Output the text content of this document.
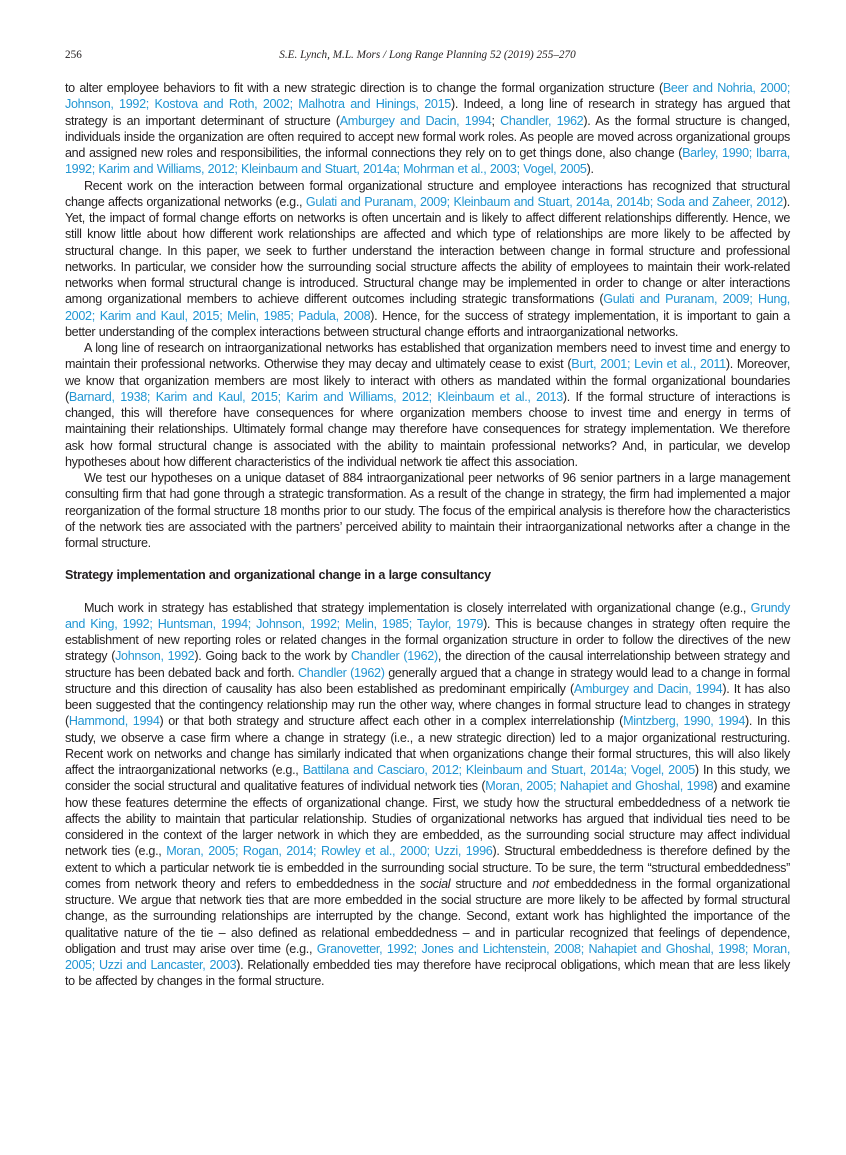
256	S.E. Lynch, M.L. Mors / Long Range Planning 52 (2019) 255–270

to alter employee behaviors to fit with a new strategic direction is to change the formal organization structure (Beer and Nohria, 2000; Johnson, 1992; Kostova and Roth, 2002; Malhotra and Hinings, 2015). Indeed, a long line of research in strategy has argued that strategy is an important determinant of structure (Amburgey and Dacin, 1994; Chandler, 1962). As the formal structure is changed, individuals inside the organization are often required to accept new formal work roles. As people are moved across organizational groups and assigned new roles and responsibilities, the informal connections they rely on to get things done, also change (Barley, 1990; Ibarra, 1992; Karim and Williams, 2012; Kleinbaum and Stuart, 2014a; Mohrman et al., 2003; Vogel, 2005).

Recent work on the interaction between formal organizational structure and employee interactions has recognized that structural change affects organizational networks (e.g., Gulati and Puranam, 2009; Kleinbaum and Stuart, 2014a, 2014b; Soda and Zaheer, 2012). Yet, the impact of formal change efforts on networks is often uncertain and is likely to affect different relationships differently. Hence, we still know little about how different work relationships are affected and which type of relationships are more likely to be affected by structural change. In this paper, we seek to further understand the interaction between change in formal structure and professional networks. In particular, we consider how the surrounding social structure affects the ability of employees to maintain their work-related networks when formal structural change is introduced. Structural change may be implemented in order to change or alter interactions among organizational members to achieve different outcomes including strategic transformations (Gulati and Puranam, 2009; Hung, 2002; Karim and Kaul, 2015; Melin, 1985; Padula, 2008). Hence, for the success of strategy implementation, it is important to gain a better understanding of the complex interactions between structural change efforts and intraorganizational networks.

A long line of research on intraorganizational networks has established that organization members need to invest time and energy to maintain their professional networks. Otherwise they may decay and ultimately cease to exist (Burt, 2001; Levin et al., 2011). Moreover, we know that organization members are most likely to interact with others as mandated within the formal organizational boundaries (Barnard, 1938; Karim and Kaul, 2015; Karim and Williams, 2012; Kleinbaum et al., 2013). If the formal structure of interactions is changed, this will therefore have consequences for where organization members choose to invest time and energy in terms of maintaining their relationships. Ultimately formal change may therefore have consequences for strategy implementation. We therefore ask how formal structural change is associated with the ability to maintain professional networks? And, in particular, we develop hypotheses about how different characteristics of the individual network tie affect this association.

We test our hypotheses on a unique dataset of 884 intraorganizational peer networks of 96 senior partners in a large management consulting firm that had gone through a strategic transformation. As a result of the change in strategy, the firm had implemented a major reorganization of the formal structure 18 months prior to our study. The focus of the empirical analysis is therefore how the characteristics of the network ties are associated with the partners’ perceived ability to maintain their intraorganizational networks after a change in the formal structure.

Strategy implementation and organizational change in a large consultancy

Much work in strategy has established that strategy implementation is closely interrelated with organizational change (e.g., Grundy and King, 1992; Huntsman, 1994; Johnson, 1992; Melin, 1985; Taylor, 1979). This is because changes in strategy often require the establishment of new reporting roles or related changes in the formal organization structure in order to follow the directives of the new strategy (Johnson, 1992). Going back to the work by Chandler (1962), the direction of the causal interrelationship between strategy and structure has been debated back and forth. Chandler (1962) generally argued that a change in strategy would lead to a change in formal structure and this direction of causality has also been established as predominant empirically (Amburgey and Dacin, 1994). It has also been suggested that the contingency relationship may run the other way, where changes in formal structure lead to changes in strategy (Hammond, 1994) or that both strategy and structure affect each other in a complex interrelationship (Mintzberg, 1990, 1994). In this study, we observe a case firm where a change in strategy (i.e., a new strategic direction) led to a major organizational restructuring. Recent work on networks and change has similarly indicated that when organizations change their formal structures, this will also likely affect the intraorganizational networks (e.g., Battilana and Casciaro, 2012; Kleinbaum and Stuart, 2014a; Vogel, 2005) In this study, we consider the social structural and qualitative features of individual network ties (Moran, 2005; Nahapiet and Ghoshal, 1998) and examine how these features determine the effects of organizational change. First, we study how the structural embeddedness of a network tie affects the ability to maintain that particular relationship. Studies of organizational networks has argued that individual ties need to be considered in the context of the larger network in which they are embedded, as the surrounding social structure may affect individual network ties (e.g., Moran, 2005; Rogan, 2014; Rowley et al., 2000; Uzzi, 1996). Structural embeddedness is therefore defined by the extent to which a particular network tie is embedded in the surrounding social structure. To be sure, the term “structural embeddedness” comes from network theory and refers to embeddedness in the social structure and not embeddedness in the formal organizational structure. We argue that network ties that are more embedded in the social structure are more likely to be affected by formal structural change, as the surrounding relationships are interrupted by the change. Second, extant work has highlighted the importance of the qualitative nature of the tie – also defined as relational embeddedness – and in particular recognized that feelings of dependence, obligation and trust may arise over time (e.g., Granovetter, 1992; Jones and Lichtenstein, 2008; Nahapiet and Ghoshal, 1998; Moran, 2005; Uzzi and Lancaster, 2003). Relationally embedded ties may therefore have reciprocal obligations, which mean that are less likely to be affected by changes in the formal structure.
